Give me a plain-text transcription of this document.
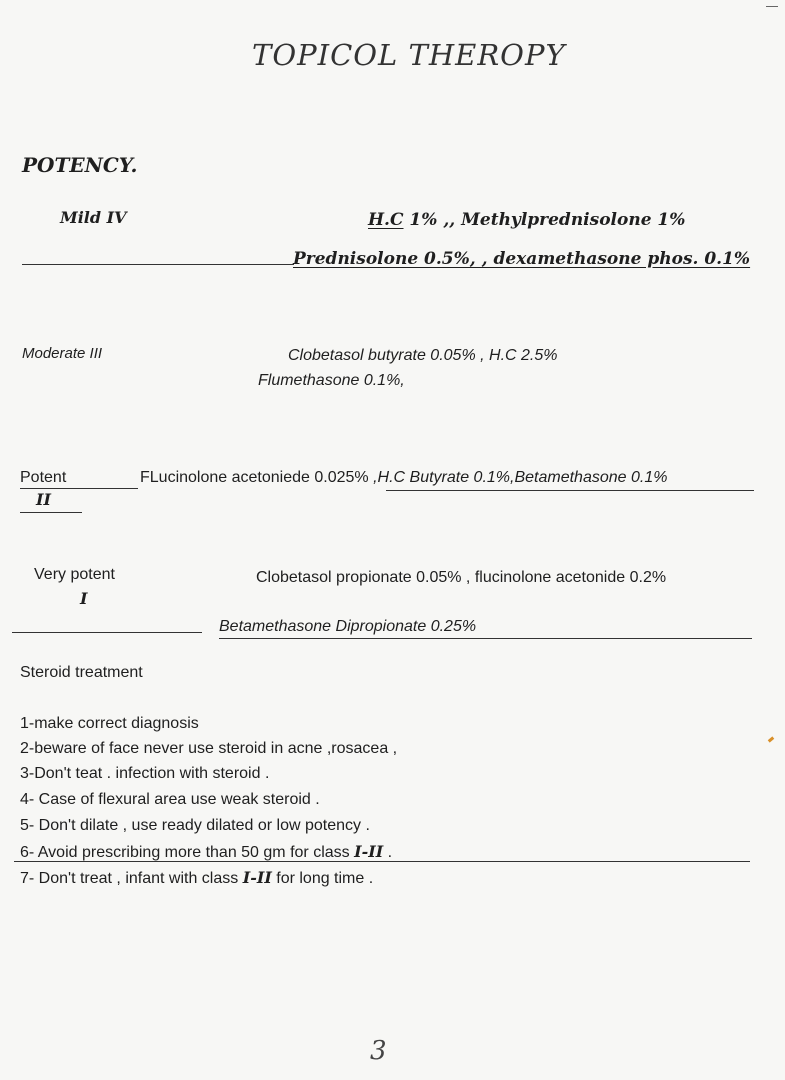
TOPICOL THEROPY
POTENCY.
Mild IV	H.C 1% ,, Methylprednisolone 1%
Prednisolone 0.5%, , dexamethasone phos. 0.1%
Moderate III	Clobetasol butyrate 0.05% , H.C 2.5%
Flumethasone 0.1%,
Potent
II
FLucinolone acetoniede 0.025% ,H.C Butyrate 0.1%,Betamethasone 0.1%
Very potent
I
Clobetasol propionate 0.05% , flucinolone acetonide 0.2%
Betamethasone Dipropionate 0.25%
Steroid treatment
1-make correct diagnosis
2-beware of face never use steroid in acne ,rosacea ,
3-Don't teat . infection with steroid .
4- Case of flexural area use weak steroid .
5- Don't dilate , use ready dilated or low potency .
6- Avoid prescribing more than 50 gm for class I-II .
7- Don't treat , infant with class I-II for long time .
3
